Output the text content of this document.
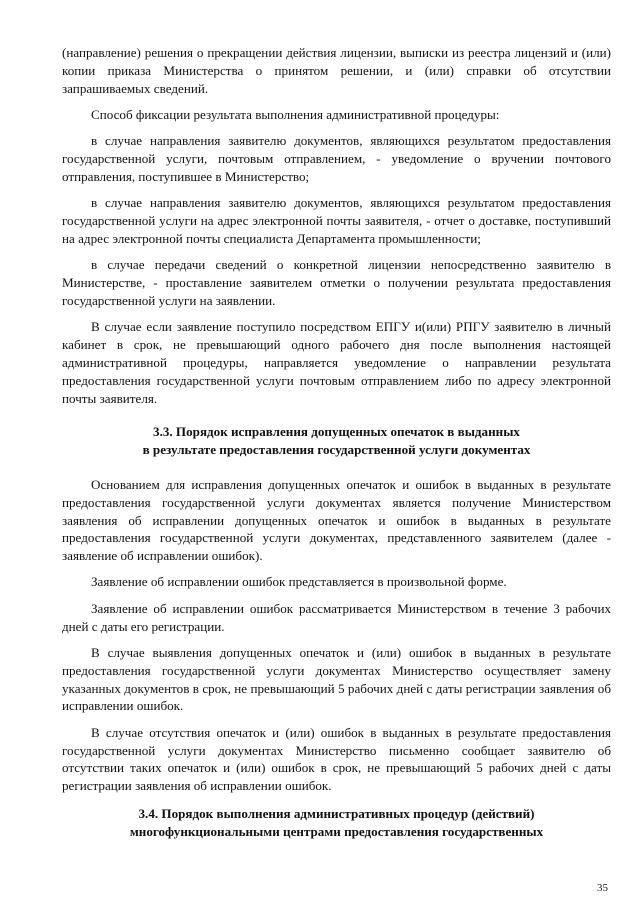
(направление) решения о прекращении действия лицензии, выписки из реестра лицензий и (или) копии приказа Министерства о принятом решении, и (или) справки об отсутствии запрашиваемых сведений.

Способ фиксации результата выполнения административной процедуры:

в случае направления заявителю документов, являющихся результатом предоставления государственной услуги, почтовым отправлением, - уведомление о вручении почтового отправления, поступившее в Министерство;

в случае направления заявителю документов, являющихся результатом предоставления государственной услуги на адрес электронной почты заявителя, - отчет о доставке, поступивший на адрес электронной почты специалиста Департамента промышленности;

в случае передачи сведений о конкретной лицензии непосредственно заявителю в Министерстве, - проставление заявителем отметки о получении результата предоставления государственной услуги на заявлении.

В случае если заявление поступило посредством ЕПГУ и(или) РПГУ заявителю в личный кабинет в срок, не превышающий одного рабочего дня после выполнения настоящей административной процедуры, направляется уведомление о направлении результата предоставления государственной услуги почтовым отправлением либо по адресу электронной почты заявителя.

3.3. Порядок исправления допущенных опечаток в выданных
в результате предоставления государственной услуги документах

Основанием для исправления допущенных опечаток и ошибок в выданных в результате предоставления государственной услуги документах является получение Министерством заявления об исправлении допущенных опечаток и ошибок в выданных в результате предоставления государственной услуги документах, представленного заявителем (далее - заявление об исправлении ошибок).

Заявление об исправлении ошибок представляется в произвольной форме.

Заявление об исправлении ошибок рассматривается Министерством в течение 3 рабочих дней с даты его регистрации.

В случае выявления допущенных опечаток и (или) ошибок в выданных в результате предоставления государственной услуги документах Министерство осуществляет замену указанных документов в срок, не превышающий 5 рабочих дней с даты регистрации заявления об исправлении ошибок.

В случае отсутствия опечаток и (или) ошибок в выданных в результате предоставления государственной услуги документах Министерство письменно сообщает заявителю об отсутствии таких опечаток и (или) ошибок в срок, не превышающий 5 рабочих дней с даты регистрации заявления об исправлении ошибок.

3.4. Порядок выполнения административных процедур (действий)
многофункциональными центрами предоставления государственных
35
